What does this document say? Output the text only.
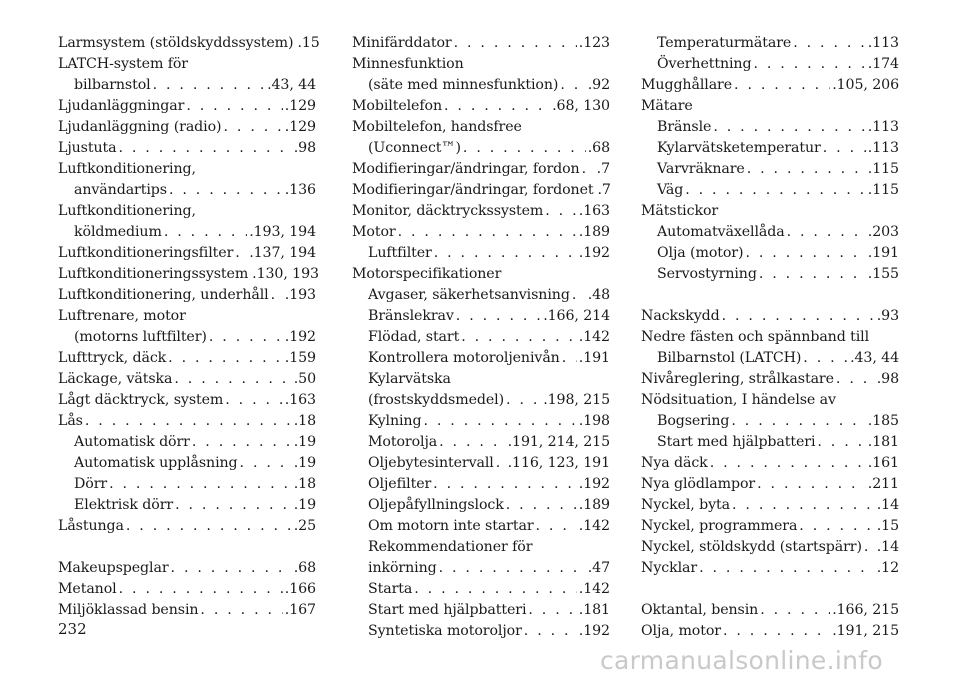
Larmsystem (stöldskyddssystem) .15
LATCH-system för
bilbarnstol . . .	.43, 44
Ljudanläggningar . . .	.129
Ljudanläggning (radio) . . .	.129
Ljustuta . . .	.98
Luftkonditionering,
användartips . . .	.136
Luftkonditionering,
köldmedium . . .	.193, 194
Luftkonditioneringsfilter . . . .137, 194
Luftkonditioneringssystem .130, 193
Luftkonditionering, underhåll . . . .193
Luftrenare, motor
(motorns luftfilter) . . .	.192
Lufttryck, däck . . .	.159
Läckage, vätska . . .	.50
Lågt däcktryck, system . . .	.163
Lås . . .	.18
Automatisk dörr . . .	.19
Automatisk upplåsning . . .	.19
Dörr . . .	.18
Elektrisk dörr . . .	.19
Låstunga . . .	.25
Makeupspeglar . . .	.68
Metanol . . .	.166
Miljöklassad bensin . . .	.167
Minifärddator . . .	.123
Minnesfunktion
(säte med minnesfunktion) . . . .92
Mobiltelefon . . .	.68, 130
Mobiltelefon, handsfree
(Uconnect™) . . .	.68
Modifieringar/ändringar, fordon . . . .7
Modifieringar/ändringar, fordonet .7
Monitor, däcktryckssystem . . .	.163
Motor . . .	.189
Luftfilter . . .	.192
Motorspecifikationer
Avgaser, säkerhetsanvisning . . . .48
Bränslekrav . . .	.166, 214
Flödad, start . . .	.142
Kontrollera motoroljenivån . . . .191
Kylarvätska
(frostskyddsmedel) . . .	.198, 215
Kylning . . .	.198
Motorolja . . .	.191, 214, 215
Oljebytesintervall . . . .116, 123, 191
Oljefilter . . .	.192
Oljepåfyllningslock . . .	.189
Om motorn inte startar . . .	.142
Rekommendationer för
inkörning . . .	.47
Starta . . .	.142
Start med hjälpbatteri . . .	.181
Syntetiska motoroljor . . .	.192
Temperaturmätare . . .	.113
Överhettning . . .	.174
Mugghållare . . .	.105, 206
Mätare
Bränsle . . .	.113
Kylarvätsketemperatur . . .	.113
Varvräknare . . .	.115
Väg . . .	.115
Mätstickor
Automatväxellåda . . .	.203
Olja (motor) . . .	.191
Servostyrning . . .	.155
Nackskydd . . .	.93
Nedre fästen och spännband till
Bilbarnstol (LATCH) . . .	.43, 44
Nivåreglering, strålkastare . . .	.98
Nödsituation, I händelse av
Bogsering . . .	.185
Start med hjälpbatteri . . .	.181
Nya däck . . .	.161
Nya glödlampor . . .	.211
Nyckel, byta . . .	.14
Nyckel, programmera . . .	.15
Nyckel, stöldskydd (startspärr) . . . .14
Nycklar . . .	.12
Oktantal, bensin . . .	.166, 215
Olja, motor . . .	.191, 215
232
carmanualsonline.info
